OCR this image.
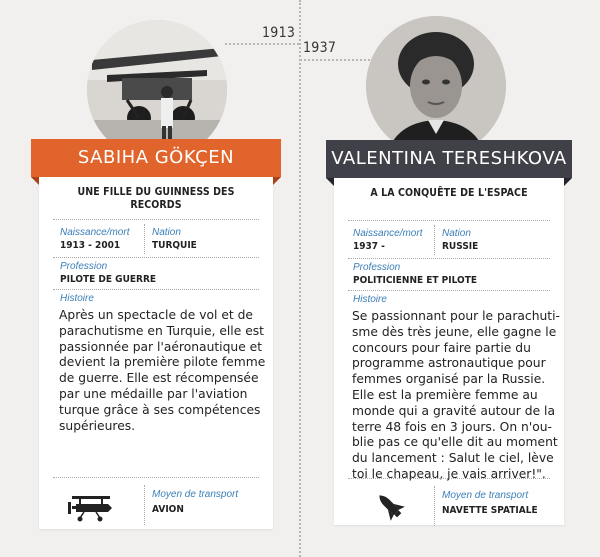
1913
1937
SABIHA GÖKÇEN	VALENTINA TERESHKOVA
UNE FILLE DU GUINNESS DES RECORDS
Naissance/mort
1913 - 2001
Nation
TURQUIE
Profession
PILOTE DE GUERRE
Histoire
Après un spectacle de vol et de
parachutisme en Turquie, elle est
passionnée par l'aéronautique et
devient la première pilote femme
de guerre. Elle est récompensée
par une médaille par l'aviation
turque grâce à ses compétences
supérieures.
Moyen de transport
AVION
A LA CONQUÊTE DE L'ESPACE
Naissance/mort
1937 -
Nation
RUSSIE
Profession
POLITICIENNE ET PILOTE
Histoire
Se passionnant pour le parachuti-
sme dès très jeune, elle gagne le
concours pour faire partie du
programme astronautique pour
femmes organisé par la Russie.
Elle est la première femme au
monde qui a gravité autour de la
terre 48 fois en 3 jours. On n'ou-
blie pas ce qu'elle dit au moment
du lancement : Salut le ciel, lève
toi le chapeau, je vais arriver!".
Moyen de transport
NAVETTE SPATIALE
